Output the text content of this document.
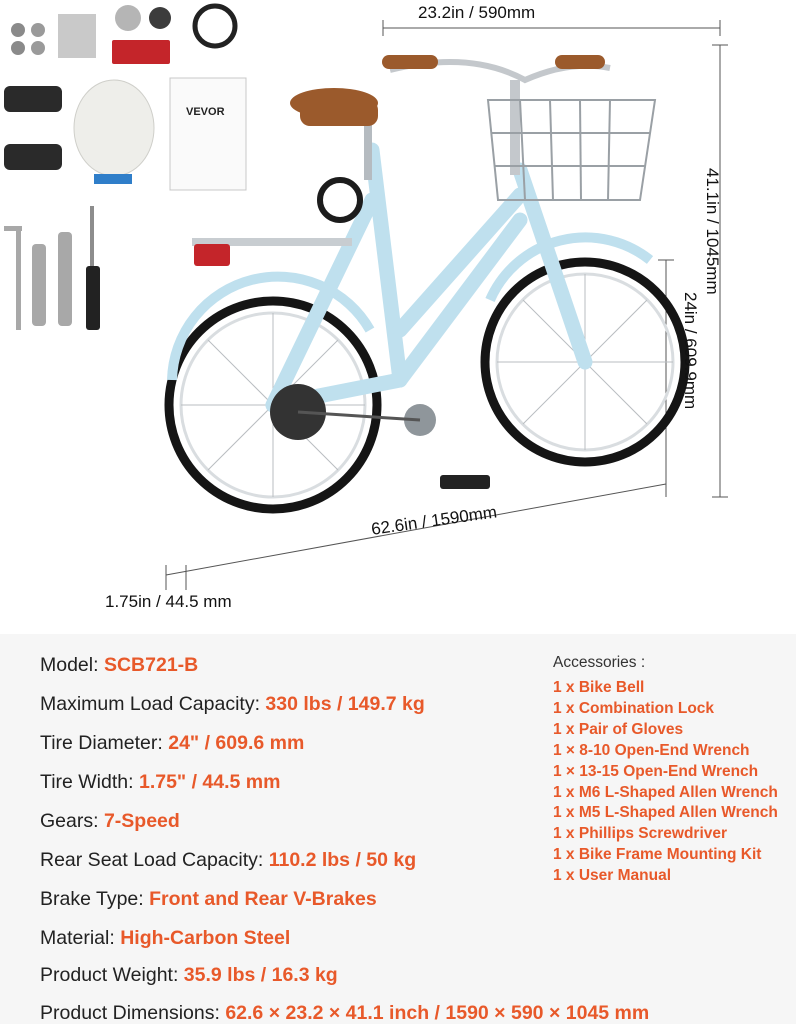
VEVOR
23.2in / 590mm
41.1in / 1045mm
24in / 609.9mm
62.6in / 1590mm
1.75in / 44.5 mm
Model: SCB721-B
Maximum Load Capacity: 330 lbs / 149.7 kg
Tire Diameter: 24" / 609.6 mm
Tire Width: 1.75" / 44.5 mm
Gears: 7-Speed
Rear Seat Load Capacity: 110.2 lbs / 50 kg
Brake Type: Front and Rear V-Brakes
Material: High-Carbon Steel
Product Weight: 35.9 lbs / 16.3 kg
Product Dimensions: 62.6 × 23.2 × 41.1 inch / 1590 × 590 × 1045 mm
Accessories :
1 x Bike Bell
1 x Combination Lock
1 x Pair of Gloves
1 × 8-10 Open-End Wrench
1 × 13-15 Open-End Wrench
1 x M6 L-Shaped Allen Wrench
1 x M5 L-Shaped Allen Wrench
1 x Phillips Screwdriver
1 x Bike Frame Mounting Kit
1 x User Manual
